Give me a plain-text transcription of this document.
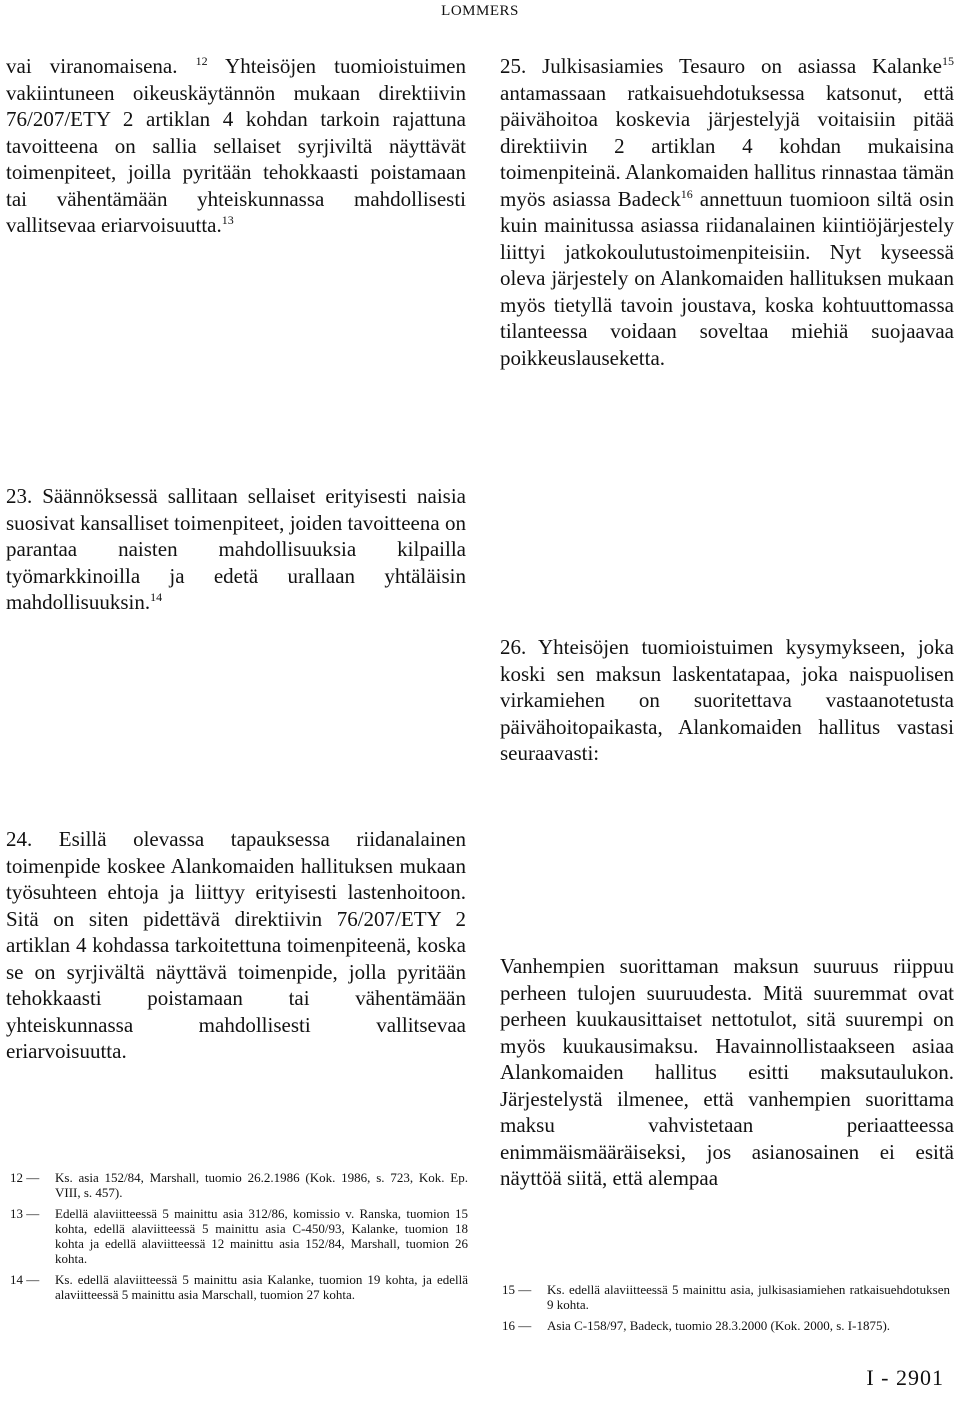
LOMMERS

vai viranomaisena. $^{12}$ Yhteisöjen tuomioistuimen vakiintuneen oikeuskäytännön mukaan direktiivin 76/207/ETY 2 artiklan 4 kohdan tarkoin rajattuna tavoitteena on sallia sellaiset syrjiviltä näyttävät toimenpiteet, joilla pyritään tehokkaasti poistamaan tai vähentämään yhteiskunnassa mahdollisesti vallitsevaa eriarvoisuutta.$^{13}$

23. Säännöksessä sallitaan sellaiset erityisesti naisia suosivat kansalliset toimenpiteet, joiden tavoitteena on parantaa naisten mahdollisuuksia kilpailla työmarkkinoilla ja edetä urallaan yhtäläisin mahdollisuuksin.$^{14}$

24. Esillä olevassa tapauksessa riidanalainen toimenpide koskee Alankomaiden hallituksen mukaan työsuhteen ehtoja ja liittyy erityisesti lastenhoitoon. Sitä on siten pidettävä direktiivin 76/207/ETY 2 artiklan 4 kohdassa tarkoitettuna toimenpiteenä, koska se on syrjivältä näyttävä toimenpide, jolla pyritään tehokkaasti poistamaan tai vähentämään yhteiskunnassa mahdollisesti vallitsevaa eriarvoisuutta.

12 — Ks. asia 152/84, Marshall, tuomio 26.2.1986 (Kok. 1986, s. 723, Kok. Ep. VIII, s. 457).
13 — Edellä alaviitteessä 5 mainittu asia 312/86, komissio v. Ranska, tuomion 15 kohta, edellä alaviitteessä 5 mainittu asia C-450/93, Kalanke, tuomion 18 kohta ja edellä alaviitteessä 12 mainittu asia 152/84, Marshall, tuomion 26 kohta.
14 — Ks. edellä alaviitteessä 5 mainittu asia Kalanke, tuomion 19 kohta, ja edellä alaviitteessä 5 mainittu asia Marschall, tuomion 27 kohta.

25. Julkisasiamies Tesauro on asiassa Kalanke$^{15}$ antamassaan ratkaisuehdotuksessa katsonut, että päivähoitoa koskevia järjestelyjä voitaisiin pitää direktiivin 2 artiklan 4 kohdan mukaisina toimenpiteinä. Alankomaiden hallitus rinnastaa tämän myös asiassa Badeck$^{16}$ annettuun tuomioon siltä osin kuin mainitussa asiassa riidanalainen kiintiöjärjestely liittyi jatkokoulutustoimenpiteisiin. Nyt kyseessä oleva järjestely on Alankomaiden hallituksen mukaan myös tietyllä tavoin joustava, koska kohtuuttomassa tilanteessa voidaan soveltaa miehiä suojaavaa poikkeuslauseketta.

26. Yhteisöjen tuomioistuimen kysymykseen, joka koski sen maksun laskentatapaa, joka naispuolisen virkamiehen on suoritettava vastaanotetusta päivähoitopaikasta, Alankomaiden hallitus vastasi seuraavasti:

Vanhempien suorittaman maksun suuruus riippuu perheen tulojen suuruudesta. Mitä suuremmat ovat perheen kuukausittaiset nettotulot, sitä suurempi on myös kuukausimaksu. Havainnollistaakseen asiaa Alankomaiden hallitus esitti maksutaulukon. Järjestelystä ilmenee, että vanhempien suorittama maksu vahvistetaan periaatteessa enimmäismääräiseksi, jos asianosainen ei esitä näyttöä siitä, että alempaa

15 — Ks. edellä alaviitteessä 5 mainittu asia, julkisasiamiehen ratkaisuehdotuksen 9 kohta.
16 — Asia C-158/97, Badeck, tuomio 28.3.2000 (Kok. 2000, s. I-1875).
I - 2901
